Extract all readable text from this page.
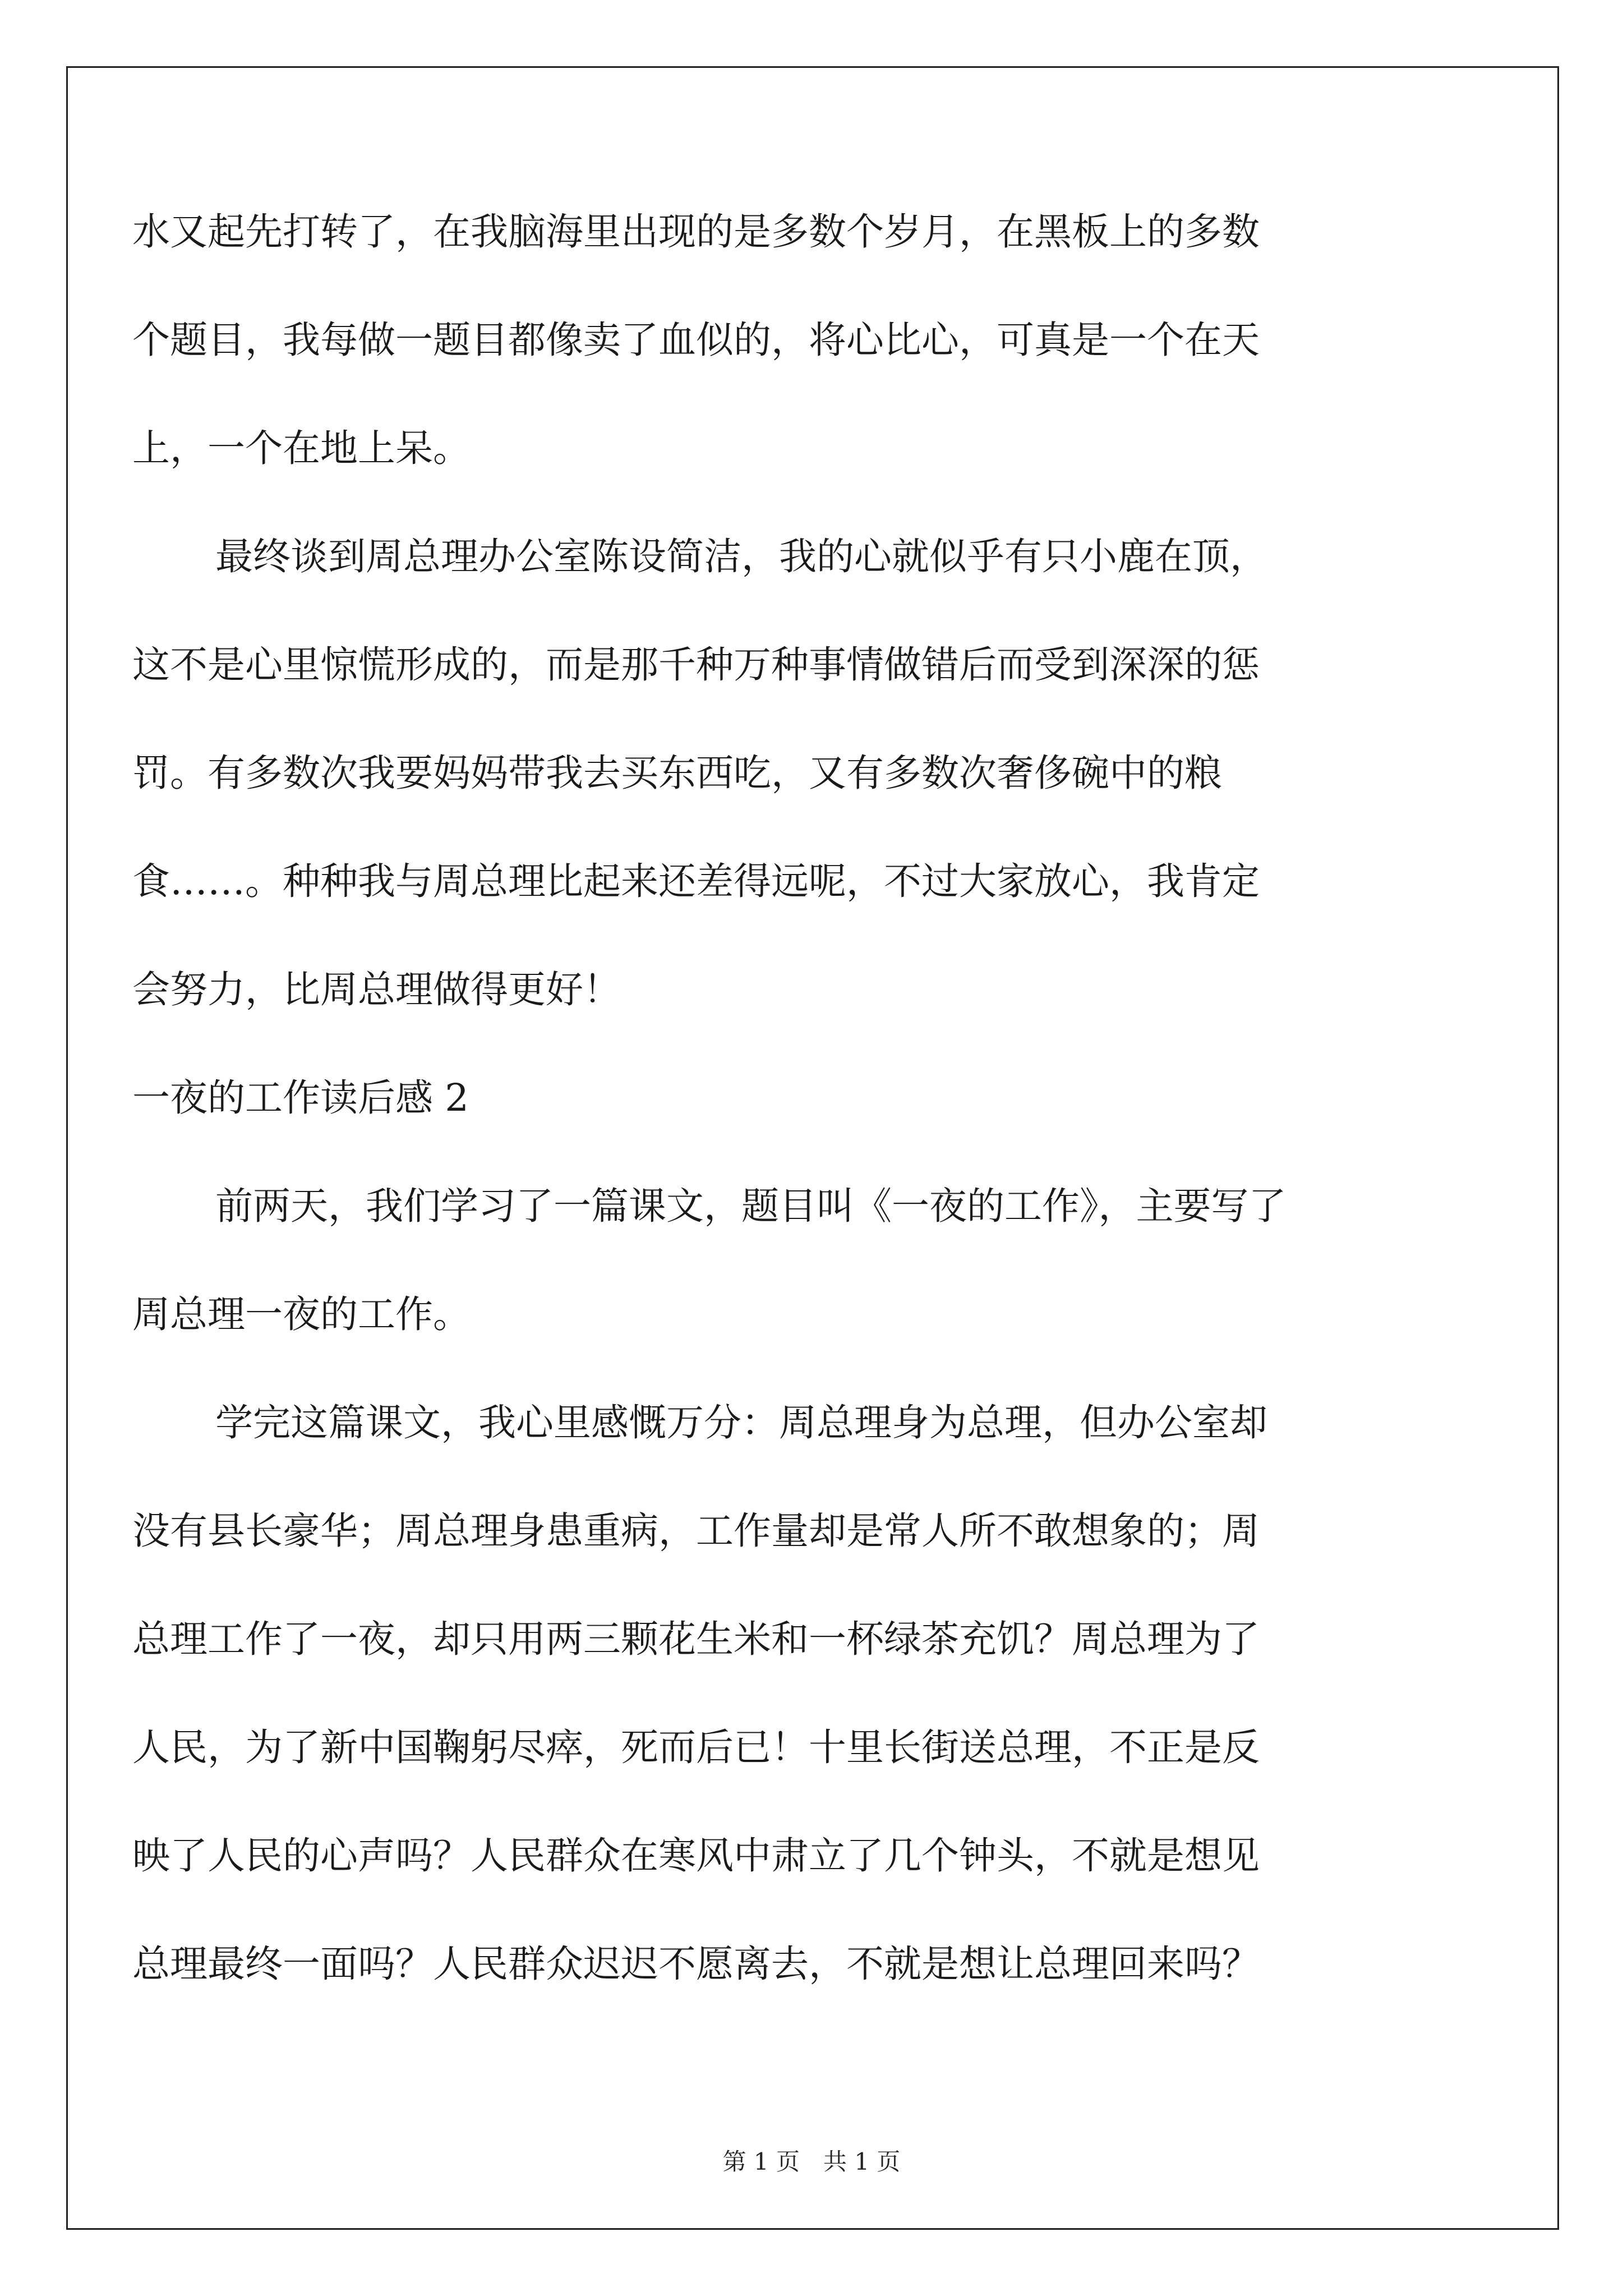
水又起先打转了，在我脑海里出现的是多数个岁月，在黑板上的多数
个题目，我每做一题目都像卖了血似的，将心比心，可真是一个在天
上，一个在地上呆。
最终谈到周总理办公室陈设简洁，我的心就似乎有只小鹿在顶，
这不是心里惊慌形成的，而是那千种万种事情做错后而受到深深的惩
罚。有多数次我要妈妈带我去买东西吃，又有多数次奢侈碗中的粮
食……。种种我与周总理比起来还差得远呢，不过大家放心，我肯定
会努力，比周总理做得更好！
一夜的工作读后感 2
前两天，我们学习了一篇课文，题目叫《一夜的工作》，主要写了
周总理一夜的工作。
学完这篇课文，我心里感慨万分：周总理身为总理，但办公室却
没有县长豪华；周总理身患重病，工作量却是常人所不敢想象的；周
总理工作了一夜，却只用两三颗花生米和一杯绿茶充饥？周总理为了
人民，为了新中国鞠躬尽瘁，死而后已！十里长街送总理，不正是反
映了人民的心声吗？人民群众在寒风中肃立了几个钟头，不就是想见
总理最终一面吗？人民群众迟迟不愿离去，不就是想让总理回来吗？
第 1 页　共 1 页
